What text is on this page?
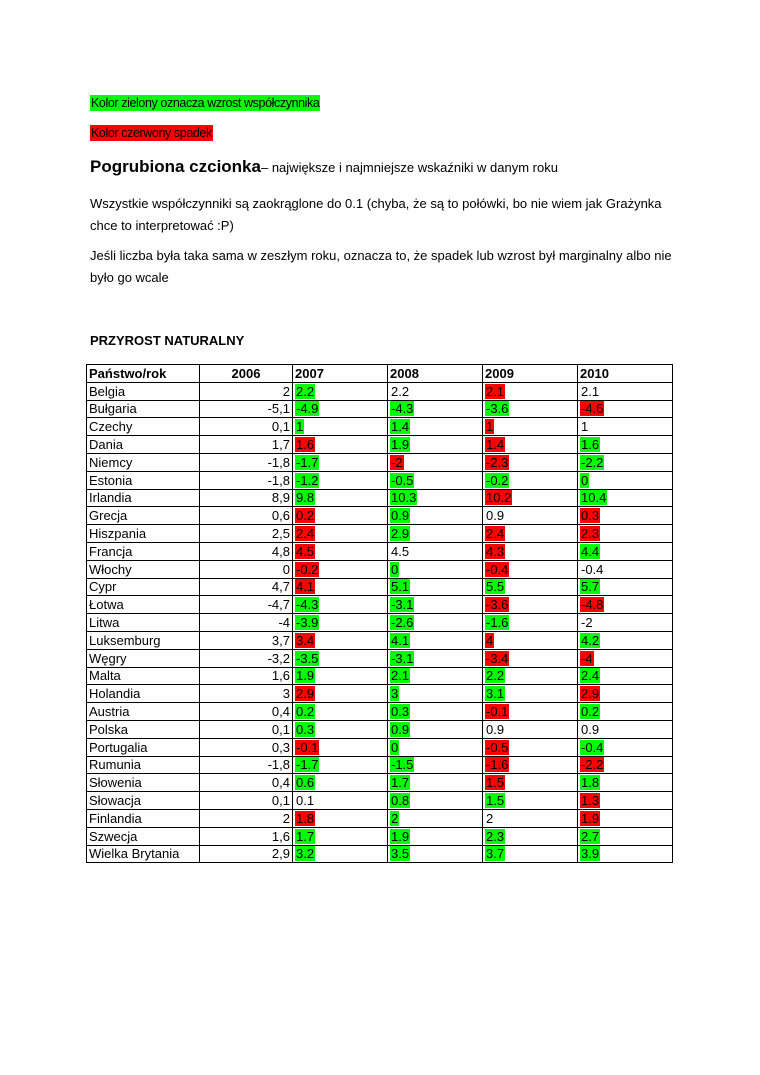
Kolor zielony oznacza wzrost współczynnika
Kolor czerwony spadek
Pogrubiona czcionka– największe i najmniejsze wskaźniki w danym roku
Wszystkie współczynniki są zaokrąglone do 0.1 (chyba, że są to połówki, bo nie wiem jak Grażynka chce to interpretować :P)
Jeśli liczba była taka sama w zeszłym roku, oznacza to, że spadek lub wzrost był marginalny albo nie było go wcale
PRZYROST NATURALNY
Państwo/rok	2006	2007	2008	2009	2010
Belgia	2	2.2	2.2	2.1	2.1
Bułgaria	-5,1	-4.9	-4.3	-3.6	-4.6
Czechy	0,1	1	1.4	1	1
Dania	1,7	1.6	1.9	1.4	1.6
Niemcy	-1,8	-1.7	-2	-2.3	-2.2
Estonia	-1,8	-1.2	-0.5	-0.2	0
Irlandia	8,9	9.8	10.3	10.2	10.4
Grecja	0,6	0.2	0.9	0.9	0.3
Hiszpania	2,5	2.4	2.9	2.4	2.3
Francja	4,8	4.5	4.5	4.3	4.4
Włochy	0	-0.2	0	-0.4	-0.4
Cypr	4,7	4.1	5.1	5.5	5.7
Łotwa	-4,7	-4.3	-3.1	-3.6	-4.8
Litwa	-4	-3.9	-2.6	-1.6	-2
Luksemburg	3,7	3.4	4.1	4	4.2
Węgry	-3,2	-3.5	-3.1	-3.4	-4
Malta	1,6	1.9	2.1	2.2	2.4
Holandia	3	2.9	3	3.1	2.9
Austria	0,4	0.2	0.3	-0.1	0.2
Polska	0,1	0.3	0.9	0.9	0.9
Portugalia	0,3	-0.1	0	-0.5	-0.4
Rumunia	-1,8	-1.7	-1.5	-1.6	-2.2
Słowenia	0,4	0.6	1.7	1.5	1.8
Słowacja	0,1	0.1	0.8	1.5	1.3
Finlandia	2	1.8	2	2	1.9
Szwecja	1,6	1.7	1.9	2.3	2.7
Wielka Brytania	2,9	3.2	3.5	3.7	3.9
